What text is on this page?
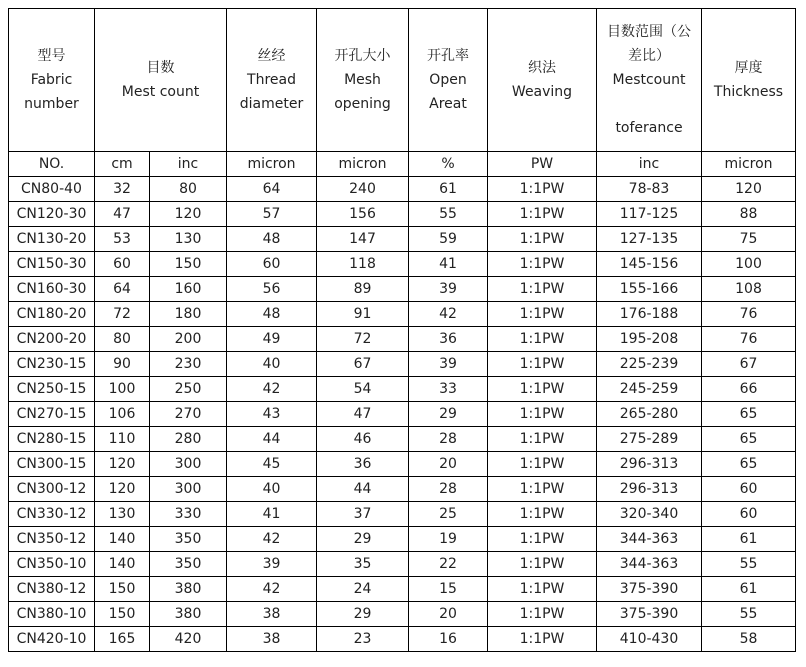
型号
Fabric
number	目数
Mest count		丝经
Thread
diameter	开孔大小
Mesh
opening	开孔率
Open
Areat	织法
Weaving	目数范围（公
差比）
Mestcount
toferance	厚度
Thickness

NO.	cm	inc	micron	micron	%	PW	inc	micron
CN80-40	32	80	64	240	61	1:1PW	78-83	120
CN120-30	47	120	57	156	55	1:1PW	117-125	88
CN130-20	53	130	48	147	59	1:1PW	127-135	75
CN150-30	60	150	60	118	41	1:1PW	145-156	100
CN160-30	64	160	56	89	39	1:1PW	155-166	108
CN180-20	72	180	48	91	42	1:1PW	176-188	76
CN200-20	80	200	49	72	36	1:1PW	195-208	76
CN230-15	90	230	40	67	39	1:1PW	225-239	67
CN250-15	100	250	42	54	33	1:1PW	245-259	66
CN270-15	106	270	43	47	29	1:1PW	265-280	65
CN280-15	110	280	44	46	28	1:1PW	275-289	65
CN300-15	120	300	45	36	20	1:1PW	296-313	65
CN300-12	120	300	40	44	28	1:1PW	296-313	60
CN330-12	130	330	41	37	25	1:1PW	320-340	60
CN350-12	140	350	42	29	19	1:1PW	344-363	61
CN350-10	140	350	39	35	22	1:1PW	344-363	55
CN380-12	150	380	42	24	15	1:1PW	375-390	61
CN380-10	150	380	38	29	20	1:1PW	375-390	55
CN420-10	165	420	38	23	16	1:1PW	410-430	58
